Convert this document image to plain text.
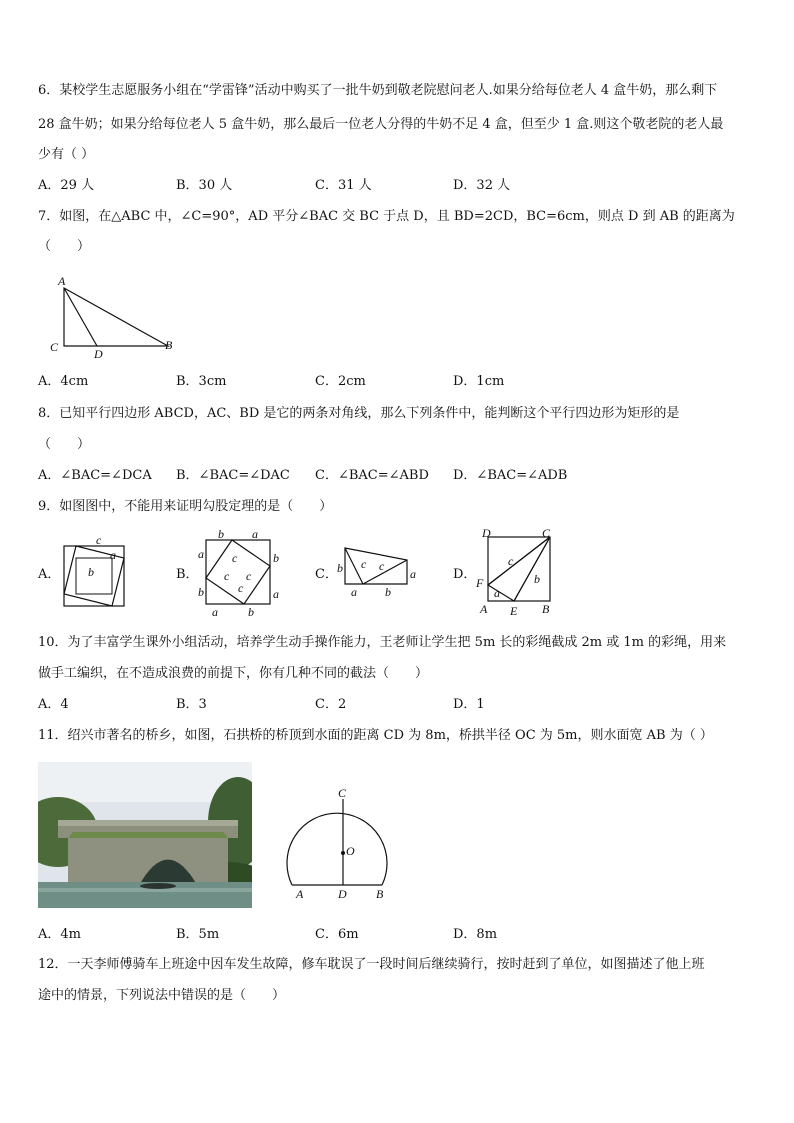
6．某校学生志愿服务小组在“学雷锋”活动中购买了一批牛奶到敬老院慰问老人.如果分给每位老人 4 盒牛奶，那么剩下
28 盒牛奶；如果分给每位老人 5 盒牛奶，那么最后一位老人分得的牛奶不足 4 盒，但至少 1 盒.则这个敬老院的老人最
少有（ ）
A．29 人	B．30 人	C．31 人	D．32 人
7．如图，在△ABC 中，∠C=90°，AD 平分∠BAC 交 BC 于点 D，且 BD=2CD，BC=6cm，则点 D 到 AB 的距离为
（　　）
A
C	D
B
A．4cm	B．3cm	C．2cm	D．1cm
8．已知平行四边形 ABCD，AC、BD 是它的两条对角线，那么下列条件中，能判断这个平行四边形为矩形的是
（　　）
A．∠BAC=∠DCA B．∠BAC=∠DAC C．∠BAC=∠ABD D．∠BAC=∠ADB
9．如图图中，不能用来证明勾股定理的是（　　）
A．
c
a
b	B．
b a
a
b
b
a
a	b
c
c c
c
C． b c c
a
a b
D．
D	C
c
b
F
a
A E B
10．为了丰富学生课外小组活动，培养学生动手操作能力，王老师让学生把 5m 长的彩绳截成 2m 或 1m 的彩绳，用来
做手工编织，在不造成浪费的前提下，你有几种不同的截法（　　）
A．4	B．3	C．2	D．1
11．绍兴市著名的桥乡，如图，石拱桥的桥顶到水面的距离 CD 为 8m，桥拱半径 OC 为 5m，则水面宽 AB 为（ ）
C
O
A	D B
A．4m	B．5m	C．6m	D．8m
12．一天李师傅骑车上班途中因车发生故障，修车耽误了一段时间后继续骑行，按时赶到了单位，如图描述了他上班
途中的情景，下列说法中错误的是（　　）
